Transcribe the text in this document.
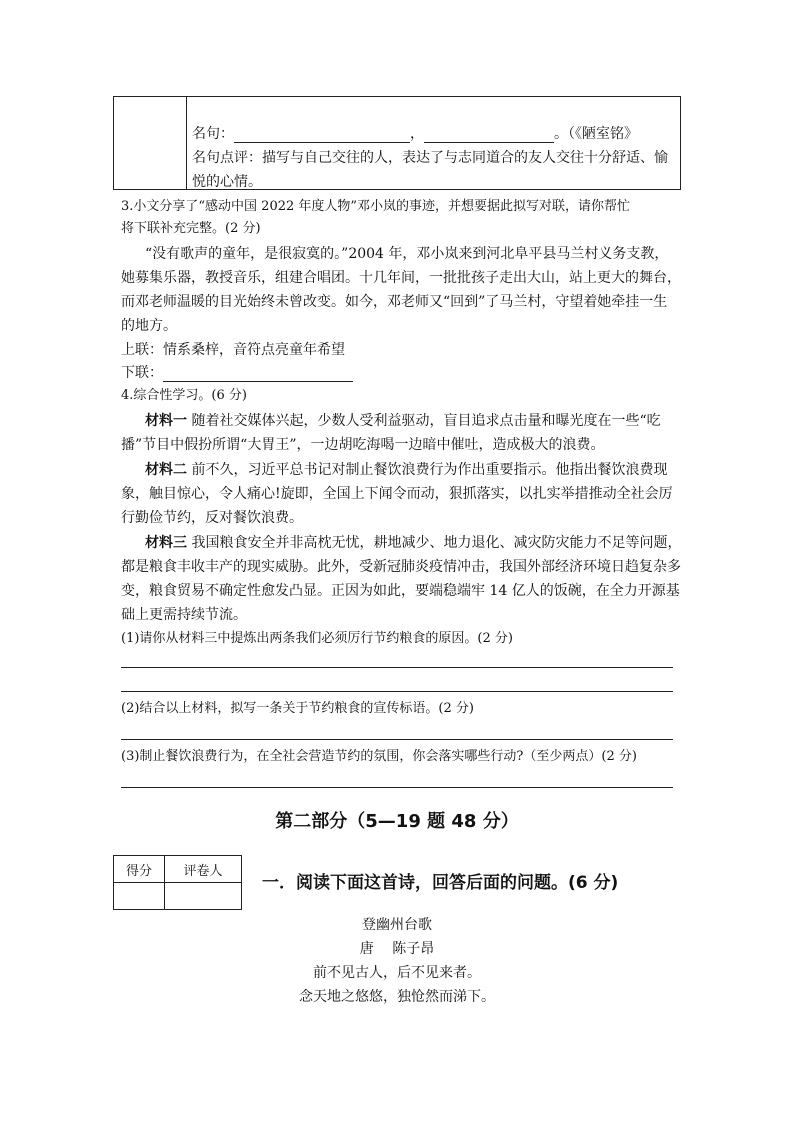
名句：	，	。（《陋室铭》
名句点评：描写与自己交往的人，表达了与志同道合的友人交往十分舒适、愉
悦的心情。
3.小文分享了“感动中国 2022 年度人物”邓小岚的事迹，并想要据此拟写对联，请你帮忙
将下联补充完整。(2 分)
“没有歌声的童年，是很寂寞的。”2004 年，邓小岚来到河北阜平县马兰村义务支教，
她募集乐器，教授音乐，组建合唱团。十几年间，一批批孩子走出大山，站上更大的舞台，
而邓老师温暖的目光始终未曾改变。如今，邓老师又“回到”了马兰村，守望着她牵挂一生
的地方。
上联：情系桑梓，音符点亮童年希望
下联：
4.综合性学习。(6 分)
材料一 随着社交媒体兴起，少数人受利益驱动，盲目追求点击量和曝光度在一些“吃
播”节目中假扮所谓“大胃王”，一边胡吃海喝一边暗中催吐，造成极大的浪费。
材料二 前不久，习近平总书记对制止餐饮浪费行为作出重要指示。他指出餐饮浪费现
象，触目惊心，令人痛心!旋即，全国上下闻令而动，狠抓落实，以扎实举措推动全社会厉
行勤俭节约，反对餐饮浪费。
材料三 我国粮食安全并非高枕无忧，耕地减少、地力退化、减灾防灾能力不足等问题，
都是粮食丰收丰产的现实威胁。此外，受新冠肺炎疫情冲击，我国外部经济环境日趋复杂多
变，粮食贸易不确定性愈发凸显。正因为如此，要端稳端牢 14 亿人的饭碗，在全力开源基
础上更需持续节流。
(1)请你从材料三中提炼出两条我们必须厉行节约粮食的原因。(2 分)
(2)结合以上材料，拟写一条关于节约粮食的宣传标语。(2 分)
(3)制止餐饮浪费行为，在全社会营造节约的氛围，你会落实哪些行动?（至少两点）(2 分)
第二部分（5—19 题 48 分）
得分	评卷人

一．阅读下面这首诗，回答后面的问题。(6 分)
登幽州台歌
唐　 陈子昂
前不见古人，后不见来者。
念天地之悠悠，独怆然而涕下。
